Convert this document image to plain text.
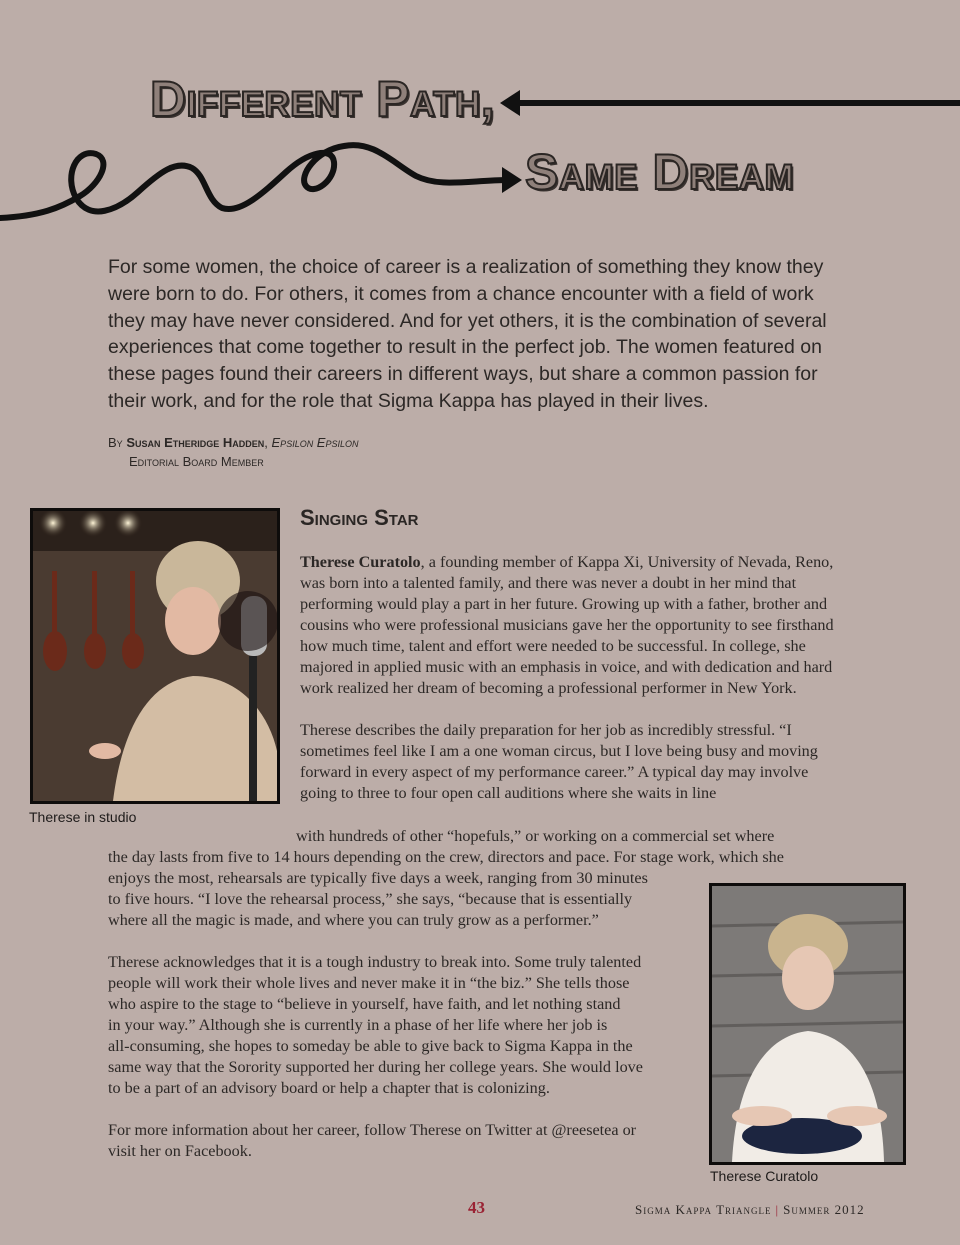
Different Path,
Same Dream
For some women, the choice of career is a realization of something they know they were born to do. For others, it comes from a chance encounter with a field of work they may have never considered. And for yet others, it is the combination of several experiences that come together to result in the perfect job. The women featured on these pages found their careers in different ways, but share a common passion for their work, and for the role that Sigma Kappa has played in their lives.
By Susan Etheridge Hadden, Epsilon Epsilon
Editorial Board Member
Therese in studio
Singing Star

Therese Curatolo, a founding member of Kappa Xi, University of Nevada, Reno, was born into a talented family, and there was never a doubt in her mind that performing would play a part in her future. Growing up with a father, brother and cousins who were professional musicians gave her the opportunity to see firsthand how much time, talent and effort were needed to be successful. In college, she majored in applied music with an emphasis in voice, and with dedication and hard work realized her dream of becoming a professional performer in New York.

Therese describes the daily preparation for her job as incredibly stressful. “I sometimes feel like I am a one woman circus, but I love being busy and moving forward in every aspect of my performance career.” A typical day may involve going to three to four open call auditions where she waits in line

with hundreds of other “hopefuls,” or working on a commercial set where
the day lasts from five to 14 hours depending on the crew, directors and pace. For stage work, which she
enjoys the most, rehearsals are typically five days a week, ranging from 30 minutes
to five hours. “I love the rehearsal process,” she says, “because that is essentially
where all the magic is made, and where you can truly grow as a performer.”
Therese acknowledges that it is a tough industry to break into. Some truly talented
people will work their whole lives and never make it in “the biz.” She tells those
who aspire to the stage to “believe in yourself, have faith, and let nothing stand
in your way.” Although she is currently in a phase of her life where her job is
all-consuming, she hopes to someday be able to give back to Sigma Kappa in the
same way that the Sorority supported her during her college years. She would love
to be a part of an advisory board or help a chapter that is colonizing.
For more information about her career, follow Therese on Twitter at @reesetea or
visit her on Facebook.
Therese Curatolo
43	Sigma Kappa Triangle | Summer 2012
